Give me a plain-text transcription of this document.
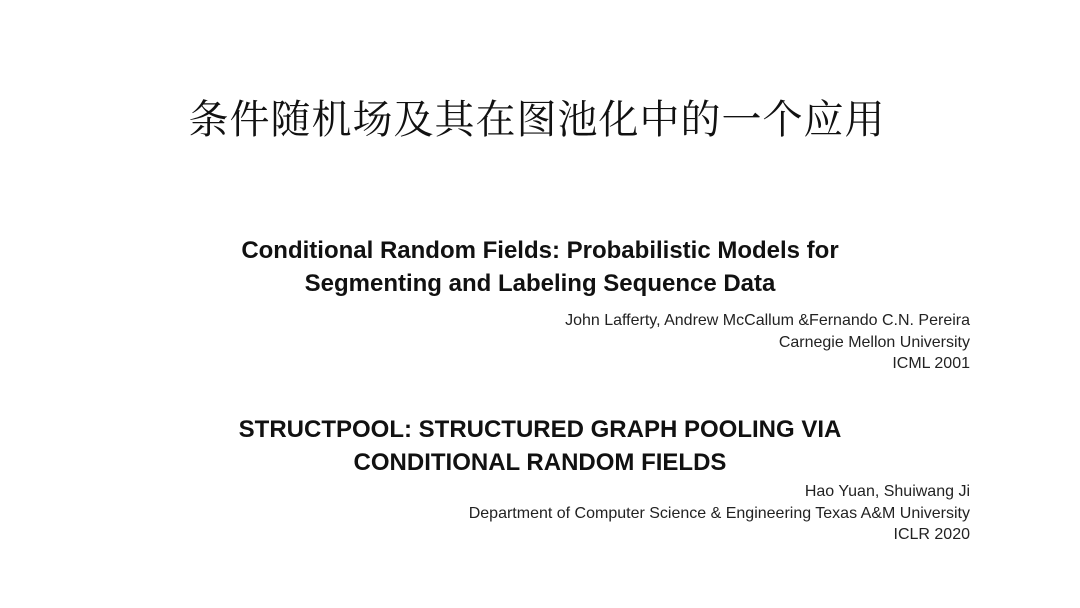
条件随机场及其在图池化中的一个应用
Conditional Random Fields: Probabilistic Models for
Segmenting and Labeling Sequence Data
John Lafferty, Andrew McCallum &Fernando C.N. Pereira
Carnegie Mellon University
ICML 2001
STRUCTPOOL: STRUCTURED GRAPH POOLING VIA
CONDITIONAL RANDOM FIELDS
Hao Yuan, Shuiwang Ji
Department of Computer Science & Engineering Texas A&M University
ICLR 2020
